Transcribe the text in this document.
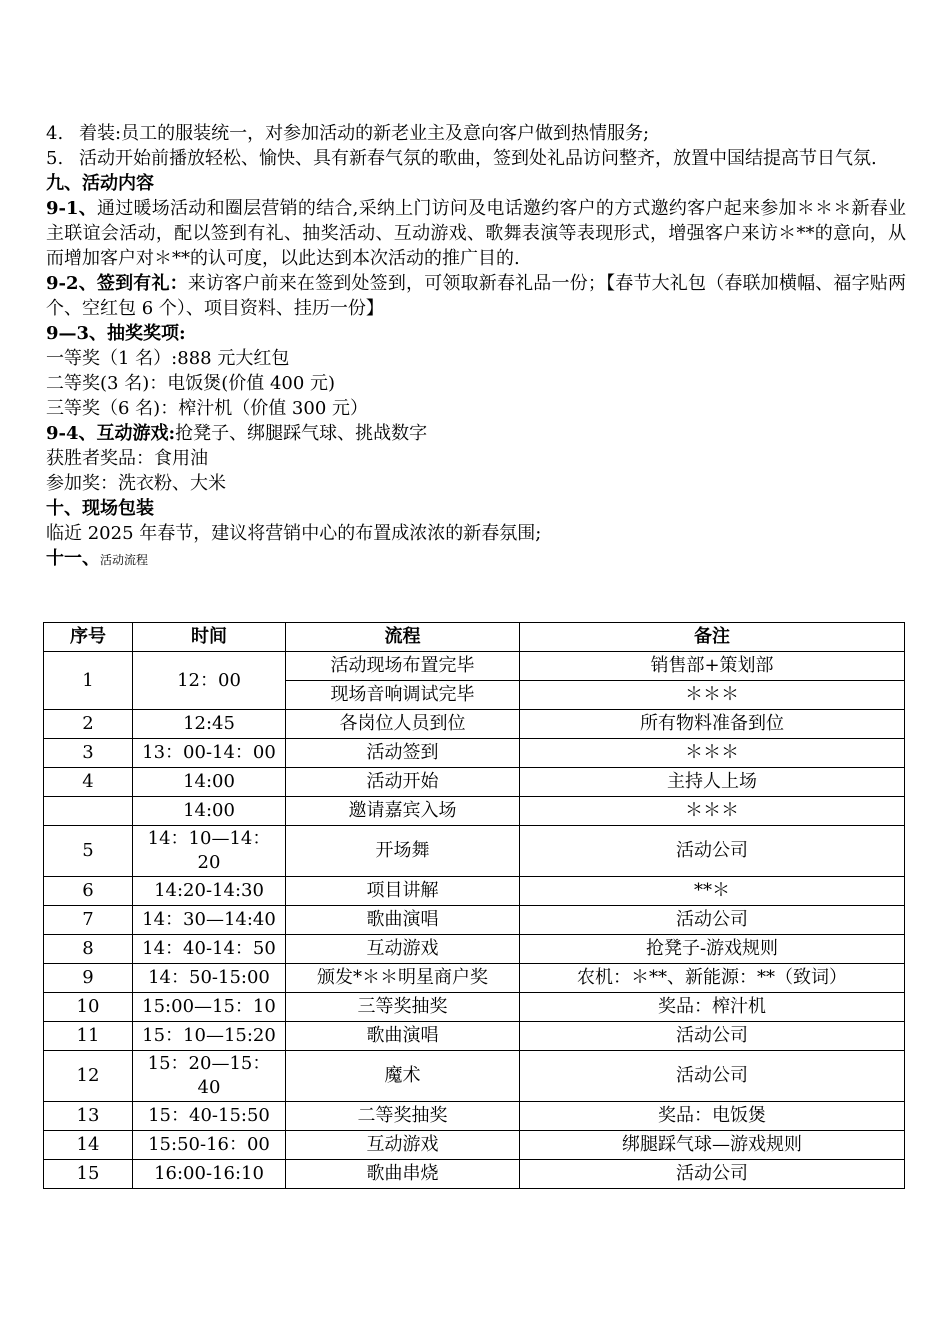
4. 着装:员工的服装统一，对参加活动的新老业主及意向客户做到热情服务;
5. 活动开始前播放轻松、愉快、具有新春气氛的歌曲，签到处礼品访问整齐，放置中国结提高节日气氛.
九、活动内容
9-1、通过暖场活动和圈层营销的结合,采纳上门访问及电话邀约客户的方式邀约客户起来参加＊＊＊新春业主联谊会活动，配以签到有礼、抽奖活动、互动游戏、歌舞表演等表现形式，增强客户来访＊**的意向，从而增加客户对＊**的认可度，以此达到本次活动的推广目的.
9-2、签到有礼：来访客户前来在签到处签到，可领取新春礼品一份；【春节大礼包（春联加横幅、福字贴两个、空红包 6 个）、项目资料、挂历一份】
9—3、抽奖奖项:
一等奖（1 名）:888 元大红包
二等奖(3 名)：电饭煲(价值 400 元)
三等奖（6 名)：榨汁机（价值 300 元）
9-4、互动游戏:抢凳子、绑腿踩气球、挑战数字
获胜者奖品：食用油
参加奖：洗衣粉、大米
十、现场包装
临近 2025 年春节，建议将营销中心的布置成浓浓的新春氛围;
十一、活动流程
序号	时间	流程	备注
1	12：00	活动现场布置完毕	销售部+策划部
		现场音响调试完毕	＊＊＊
2	12:45	各岗位人员到位	所有物料准备到位
3	13：00-14：00	活动签到	＊＊＊
4	14:00	活动开始	主持人上场
	14:00	邀请嘉宾入场	＊＊＊
5	14：10—14：20	开场舞	活动公司
6	14:20-14:30	项目讲解	**＊
7	14：30—14:40	歌曲演唱	活动公司
8	14：40-14：50	互动游戏	抢凳子-游戏规则
9	14：50-15:00	颁发*＊＊明星商户奖	农机：＊**、新能源：**（致词）
10	15:00—15：10	三等奖抽奖	奖品：榨汁机
11	15：10—15:20	歌曲演唱	活动公司
12	15：20—15：40	魔术	活动公司
13	15：40-15:50	二等奖抽奖	奖品：电饭煲
14	15:50-16：00	互动游戏	绑腿踩气球—游戏规则
15	16:00-16:10	歌曲串烧	活动公司
